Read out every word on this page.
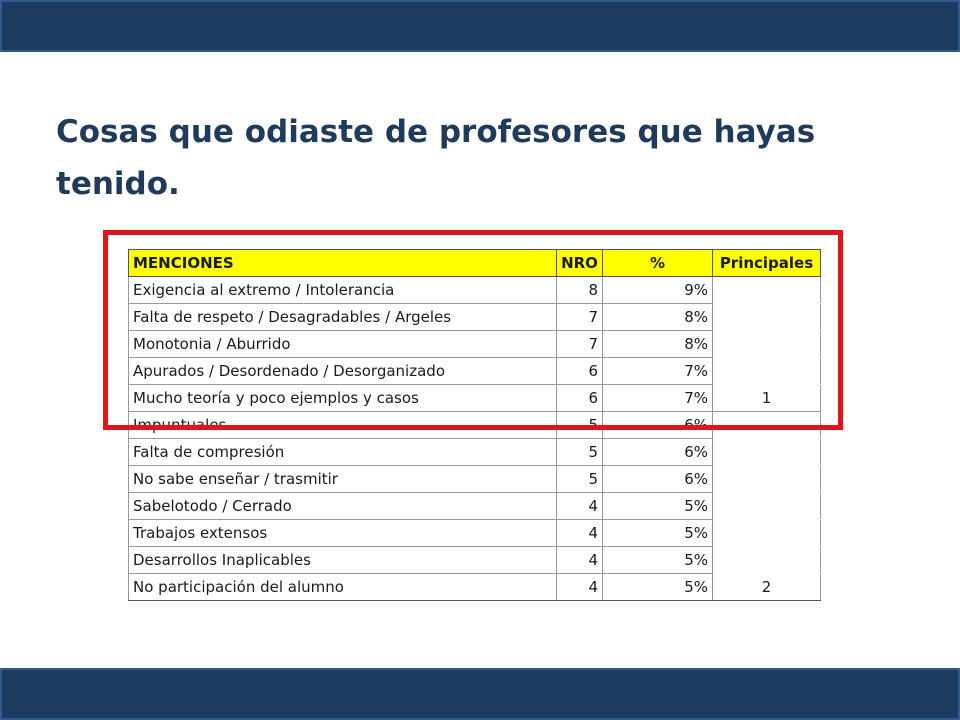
Cosas que odiaste de profesores que hayas tenido.
MENCIONES	NRO	%	Principales
Exigencia al extremo / Intolerancia	8	9%	
Falta de respeto / Desagradables / Argeles	7	8%	
Monotonia / Aburrido	7	8%	
Apurados / Desordenado / Desorganizado	6	7%	
Mucho teoría y poco ejemplos y casos	6	7%	1
Impuntuales	5	6%	
Falta de compresión	5	6%	
No sabe enseñar / trasmitir	5	6%	
Sabelotodo / Cerrado	4	5%	
Trabajos extensos	4	5%	
Desarrollos Inaplicables	4	5%	
No participación del alumno	4	5%	2
